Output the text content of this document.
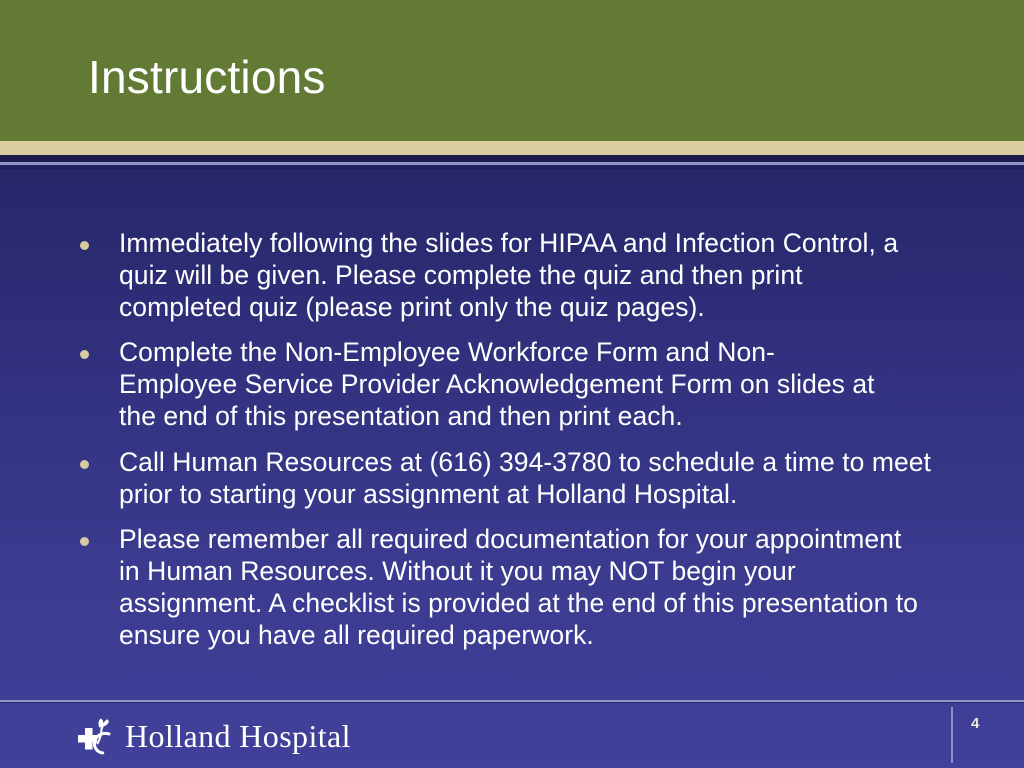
Instructions
Immediately following the slides for HIPAA and Infection Control, a quiz will be given. Please complete the quiz and then print completed quiz (please print only the quiz pages).
Complete the Non-Employee Workforce Form and Non-Employee Service Provider Acknowledgement Form on slides at the end of this presentation and then print each.
Call Human Resources at (616) 394-3780 to schedule a time to meet prior to starting your assignment at Holland Hospital.
Please remember all required documentation for your appointment in Human Resources. Without it you may NOT begin your assignment. A checklist is provided at the end of this presentation to ensure you have all required paperwork.
Holland Hospital	4
